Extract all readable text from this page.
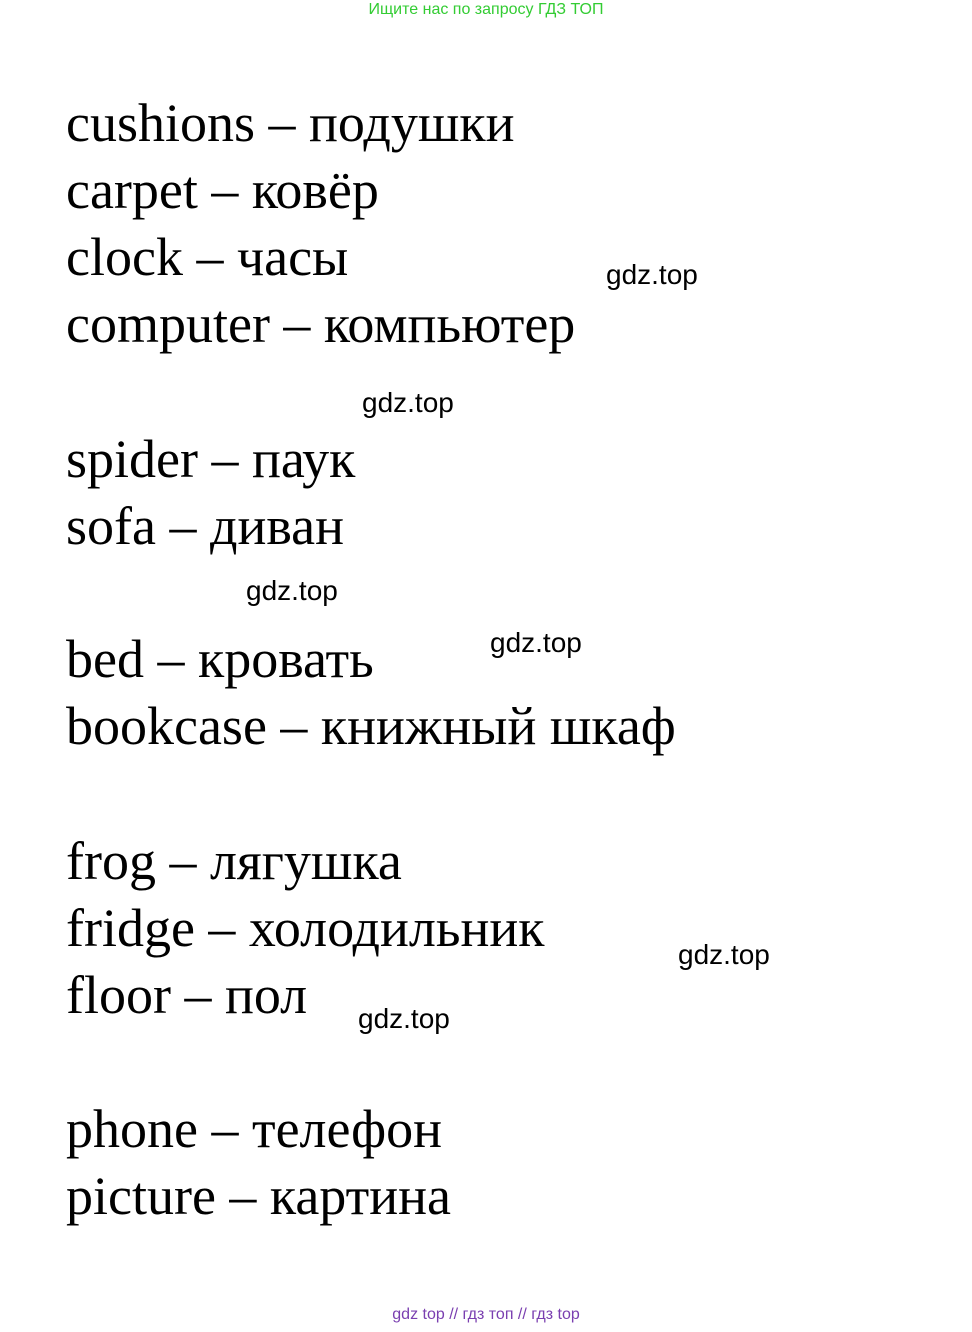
Ищите нас по запросу ГДЗ ТОП
cushions – подушки
carpet – ковёр
clock – часы
computer – компьютер
spider – паук
sofa – диван
bed – кровать
bookcase – книжный шкаф
frog – лягушка
fridge – холодильник
floor – пол
phone – телефон
picture – картина
gdz.top
gdz.top
gdz.top
gdz.top
gdz.top
gdz.top
gdz top // гдз топ // гдз top
